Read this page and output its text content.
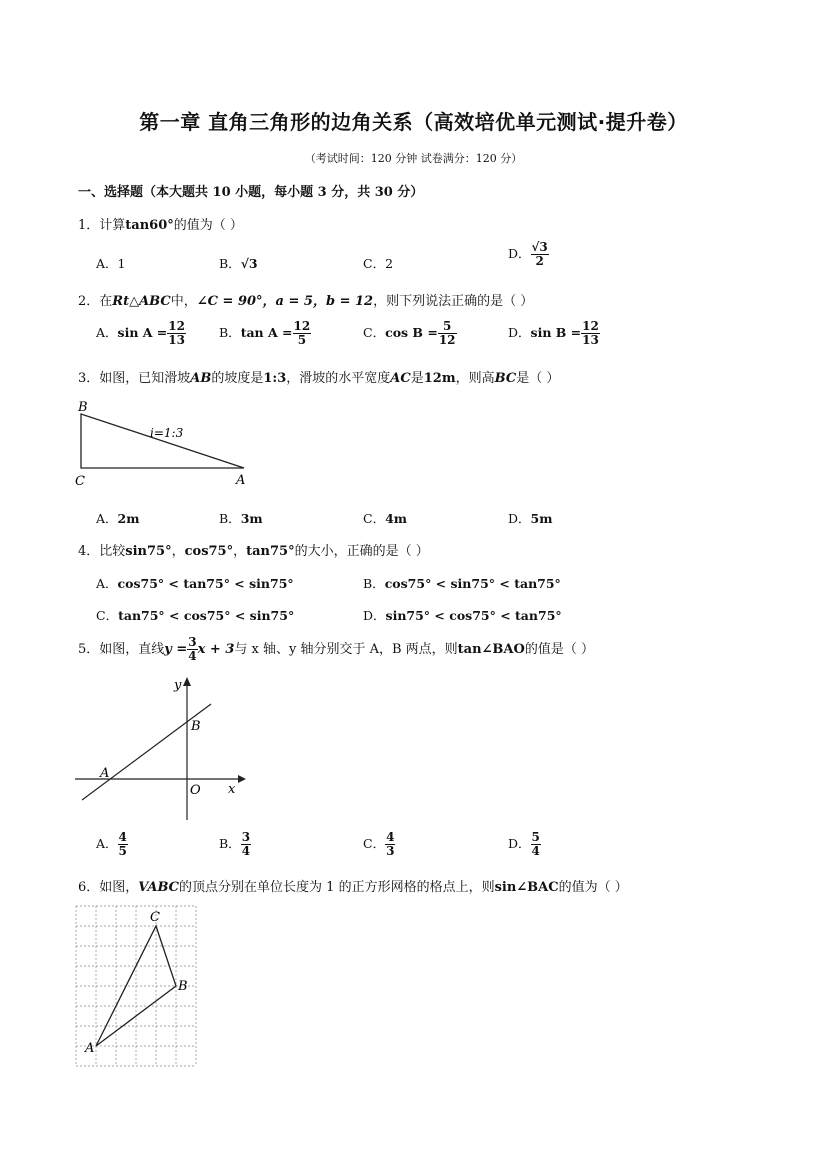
第一章 直角三角形的边角关系（高效培优单元测试·提升卷）
（考试时间：120 分钟 试卷满分：120 分）
一、选择题（本大题共 10 小题，每小题 3 分，共 30 分）
1．计算tan60°的值为（ ）
A．1	B．√3	C．2
D． $\frac{√3}{2}$
2．在Rt△ABC中，∠C = 90°，a = 5，b = 12，则下列说法正确的是（ ）
A．$\sin A = \frac{12}{13}$	B．$\tan A = \frac{12}{5}$	C．$\cos B = \frac{5}{12}$	D．$\sin B = \frac{12}{13}$
3．如图，已知滑坡AB的坡度是1:3，滑坡的水平宽度AC是12m，则高BC是（ ）
B
C	A
i=1:3
A．2m	B．3m	C．4m	D．5m
4．比较sin75°，cos75°，tan75°的大小，正确的是（ ）
A．cos75° < tan75° < sin75°	B．cos75° < sin75° < tan75°
C．tan75° < cos75° < sin75°	D．sin75° < cos75° < tan75°
5．如图，直线$y = \frac{3}{4}$ x + 3与 x 轴、y 轴分别交于 A，B 两点，则tan∠BAO的值是（ ）
y
x
A
B
O
A． $\frac{4}{5}$	B． $\frac{3}{4}$	C． $\frac{4}{3}$	D． $\frac{5}{4}$
6．如图，VABC的顶点分别在单位长度为 1 的正方形网格的格点上，则sin∠BAC的值为（ ）
A
B
C
